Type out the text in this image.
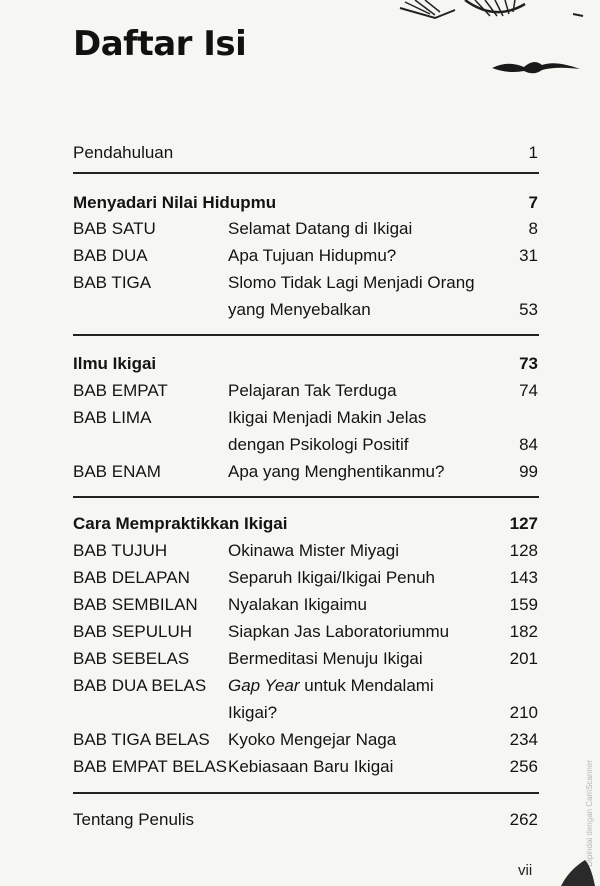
Daftar Isi
Pendahuluan	1
Menyadari Nilai Hidupmu	7
BAB SATU	Selamat Datang di Ikigai	8
BAB DUA	Apa Tujuan Hidupmu?	31
BAB TIGA	Slomo Tidak Lagi Menjadi Orang
yang Menyebalkan	53
Ilmu Ikigai	73
BAB EMPAT	Pelajaran Tak Terduga	74
BAB LIMA	Ikigai Menjadi Makin Jelas
dengan Psikologi Positif	84
BAB ENAM	Apa yang Menghentikanmu?	99
Cara Mempraktikkan Ikigai	127
BAB TUJUH	Okinawa Mister Miyagi	128
BAB DELAPAN Separuh Ikigai/Ikigai Penuh	143
BAB SEMBILAN Nyalakan Ikigaimu	159
BAB SEPULUH Siapkan Jas Laboratoriummu	182
BAB SEBELAS Bermeditasi Menuju Ikigai	201
BAB DUA BELAS Gap Year untuk Mendalami
Ikigai?	210
BAB TIGA BELAS Kyoko Mengejar Naga	234
BAB EMPAT BELAS Kebiasaan Baru Ikigai	256
Tentang Penulis	262	Dipindai dengan CamScanner
vii
